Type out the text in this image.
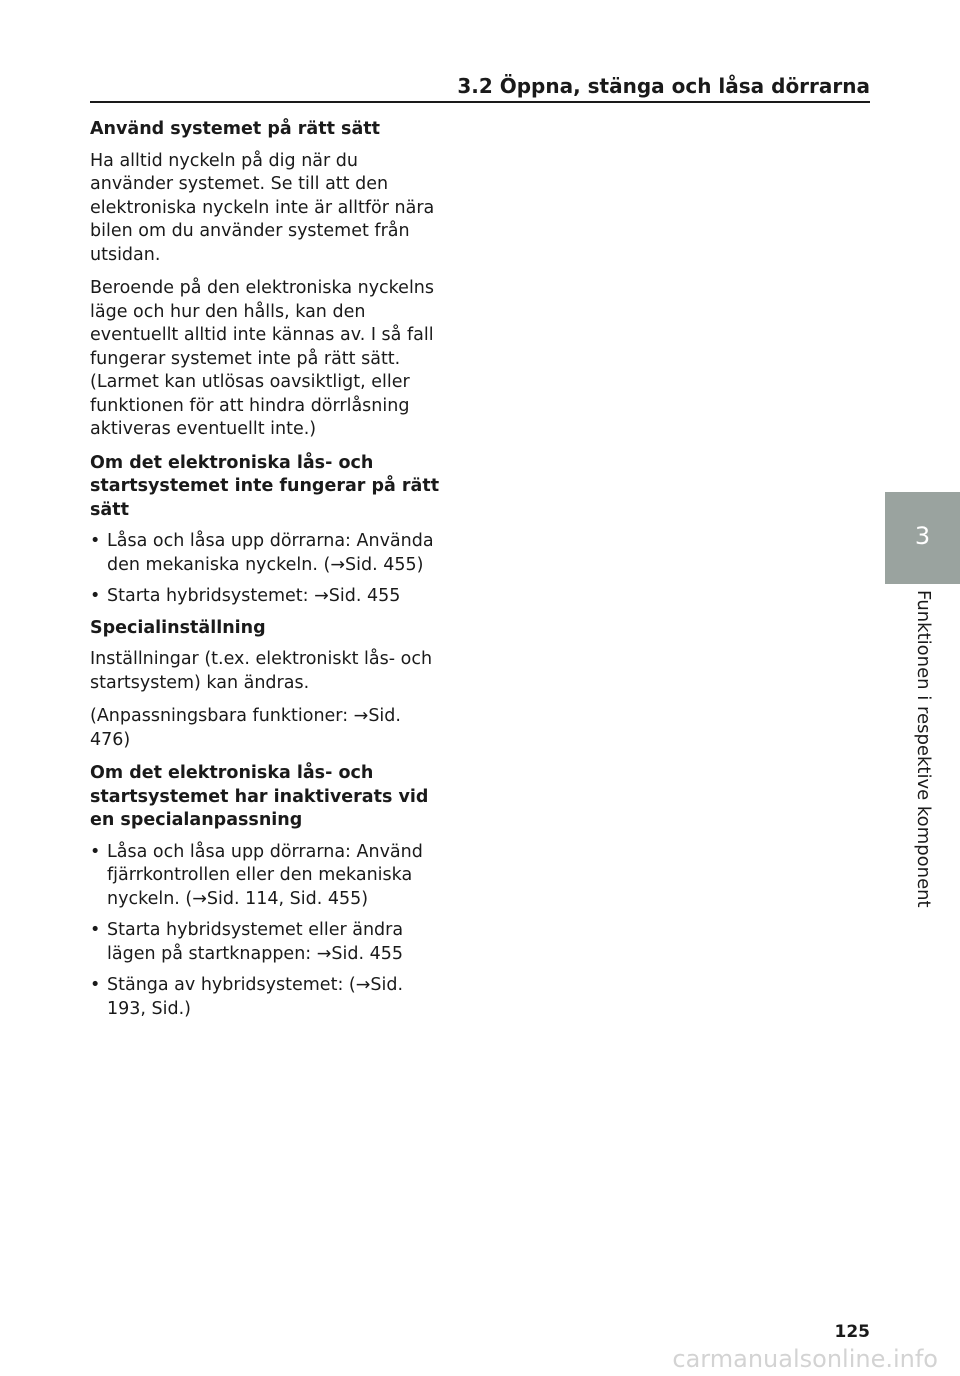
3.2 Öppna, stänga och låsa dörrarna
Använd systemet på rätt sätt

Ha alltid nyckeln på dig när du använder systemet. Se till att den elektroniska nyckeln inte är alltför nära bilen om du använder systemet från utsidan.

Beroende på den elektroniska nyckelns läge och hur den hålls, kan den eventuellt alltid inte kännas av. I så fall fungerar systemet inte på rätt sätt. (Larmet kan utlösas oavsiktligt, eller funktionen för att hindra dörrlåsning aktiveras eventuellt inte.)

Om det elektroniska lås- och startsystemet inte fungerar på rätt sätt
• Låsa och låsa upp dörrarna: Använda den mekaniska nyckeln. (→Sid. 455)
• Starta hybridsystemet: →Sid. 455
Specialinställning

Inställningar (t.ex. elektroniskt lås- och startsystem) kan ändras.

(Anpassningsbara funktioner: →Sid. 476)

Om det elektroniska lås- och startsystemet har inaktiverats vid en specialanpassning
• Låsa och låsa upp dörrarna: Använd fjärrkontrollen eller den mekaniska nyckeln. (→Sid. 114, Sid. 455)
• Starta hybridsystemet eller ändra lägen på startknappen: →Sid. 455
• Stänga av hybridsystemet: (→Sid. 193, Sid.)
3
Funktionen i respektive komponent
125
carmanualsonline.info
